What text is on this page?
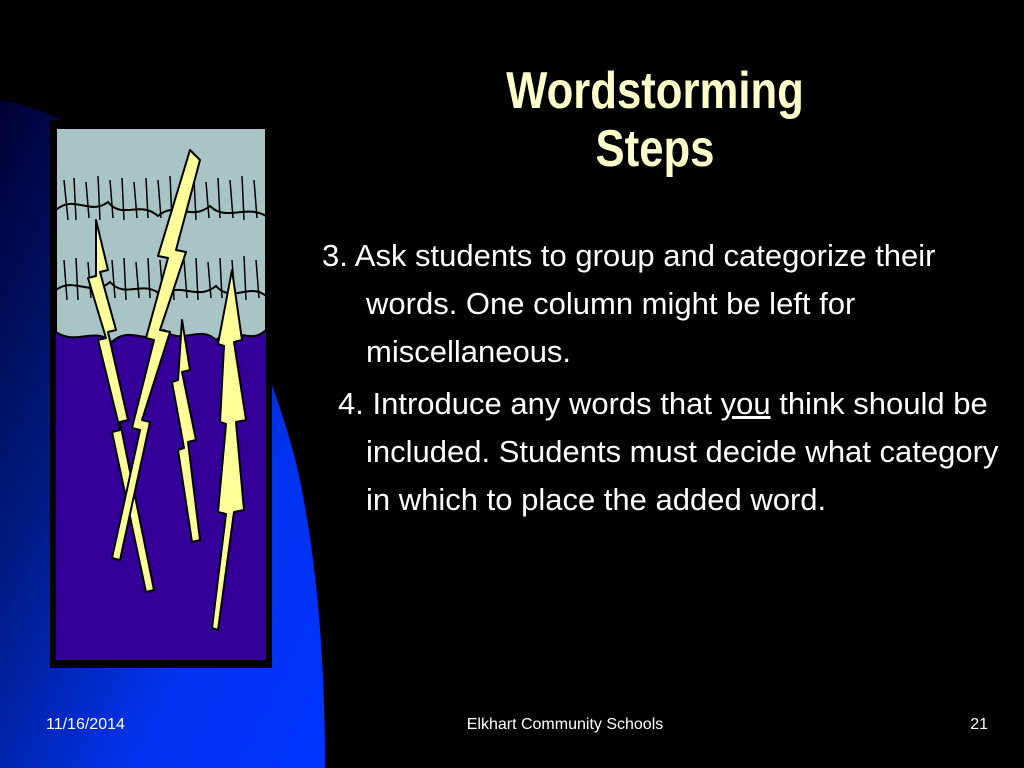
Wordstorming
Steps

3. Ask students to group and categorize their words. One column might be left for miscellaneous.

4. Introduce any words that you think should be included. Students must decide what category in which to place the added word.

11/16/2014	Elkhart Community Schools	21
